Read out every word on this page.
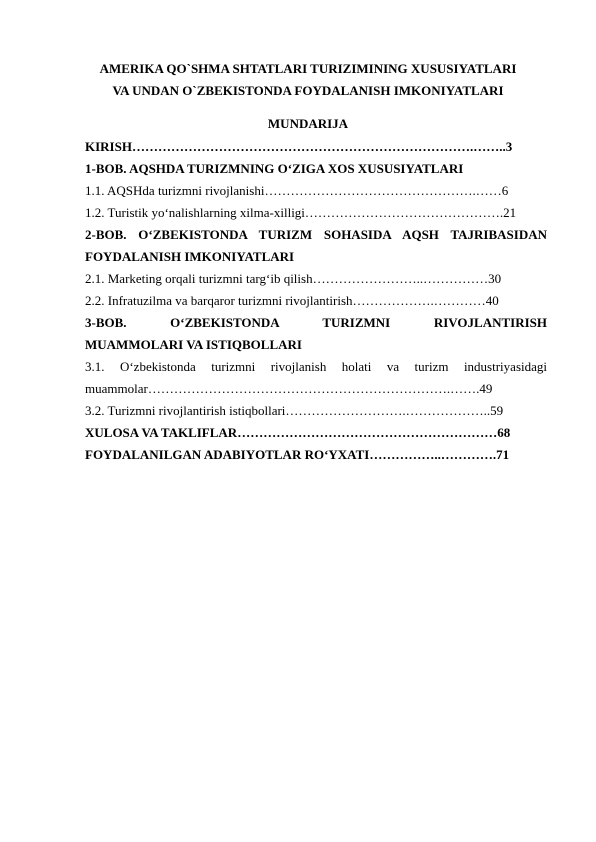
AMERIKA QO`SHMA SHTATLARI TURIZIMINING XUSUSIYATLARI
VA UNDAN O`ZBEKISTONDA FOYDALANISH IMKONIYATLARI
MUNDARIJA
KIRISH…………………………………………………………………….……..3
1-BOB. AQSHDA TURIZMNING O‘ZIGA XOS XUSUSIYATLARI
1.1. AQSHda turizmni rivojlanishi………………………………………….……6
1.2. Turistik yo‘nalishlarning xilma-xilligi……………………………………….21
2-BOB. O‘ZBEKISTONDA TURIZM SOHASIDA AQSH TAJRIBASIDAN
FOYDALANISH IMKONIYATLARI
2.1. Marketing orqali turizmni targ‘ib qilish……………………..……………30
2.2. Infratuzilma va barqaror turizmni rivojlantirish……………….…………40
3-BOB. O‘ZBEKISTONDA TURIZMNI RIVOJLANTIRISH
MUAMMOLARI VA ISTIQBOLLARI
3.1. O‘zbekistonda turizmni rivojlanish holati va turizm industriyasidagi
muammolar…………………………………………………………….…….49
3.2. Turizmni rivojlantirish istiqbollari……………………….………………..59
XULOSA VA TAKLIFLAR……………………………………………………68
FOYDALANILGAN ADABIYOTLAR RO‘YXATI……………..………….71
